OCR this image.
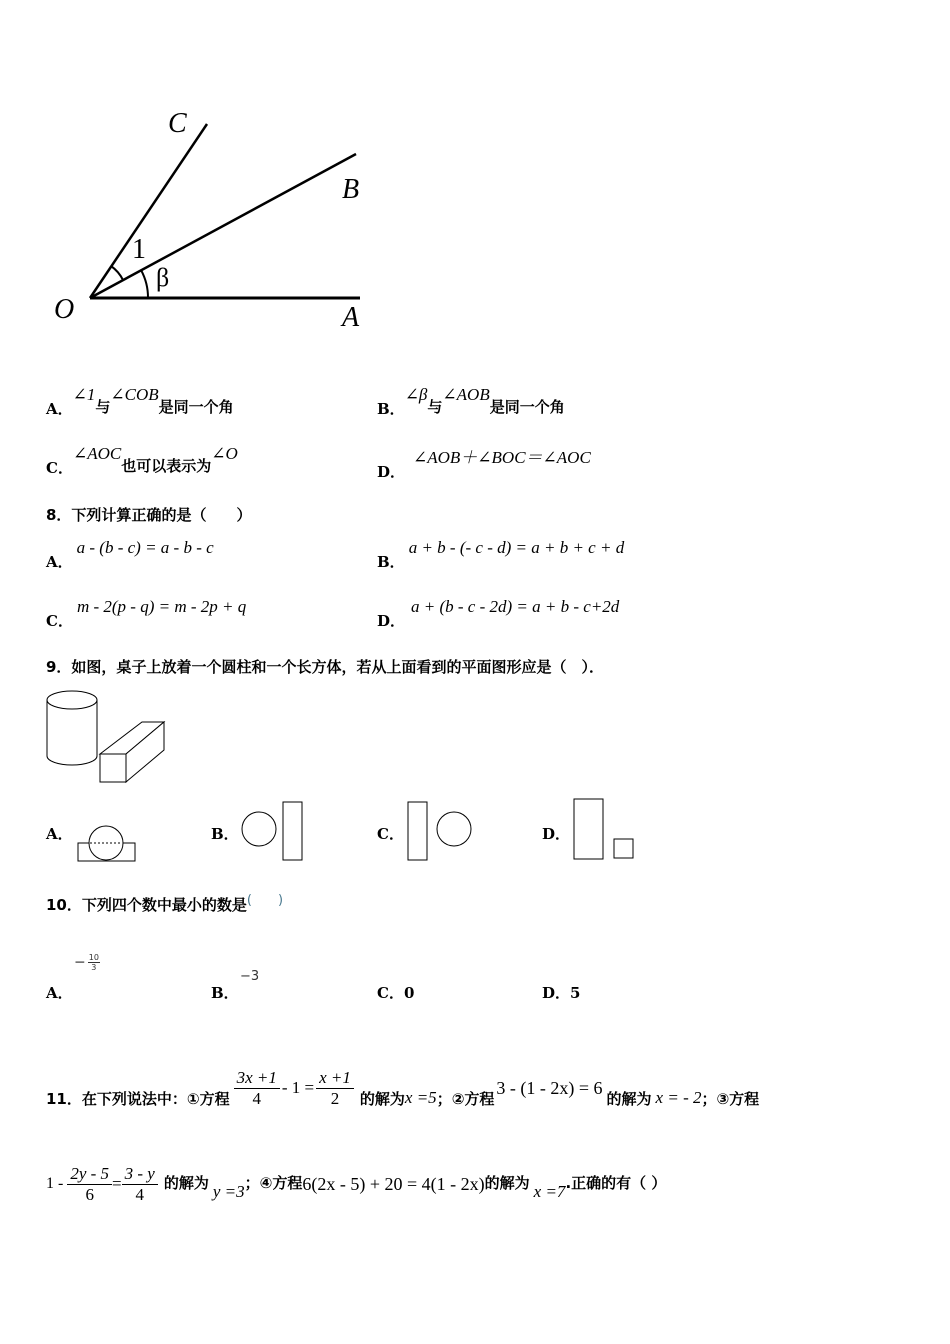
O	A
B
C
1
β
A．∠1与∠COB是同一个角	B．∠β与∠AOB是同一个角
C．∠AOC也可以表示为∠O
D．∠AOB＋∠BOC＝∠AOC
8．下列计算正确的是（　　）
A．a - (b - c) = a - b - c
B．a + b - (- c - d) = a + b + c + d
C．m - 2(p - q) = m - 2p + q
D．a + (b - c - 2d) = a + b - c+2d
9．如图，桌子上放着一个圆柱和一个长方体，若从上面看到的平面图形应是（　）．
A．	B．	C．	D．
10．下列四个数中最小的数是(　　)
A．
− $\frac{10}{3}$
B．
−3
C．0	D．5
11．在下列说法中：①方程 $\frac{3x +1}{4} - 1 = \frac{x +1}{2}$ 的解为 x =5 ；②方程
3 - (1 - 2x) = 6
的解为 x = - 2 ；③方程
$1 - \frac{2y - 5}{6} = \frac{3 - y}{4}$ 的解为 y =3 ；④方程 6(2x - 5) + 20 = 4(1 - 2x) 的解为 x =7 .正确的有（ ）
